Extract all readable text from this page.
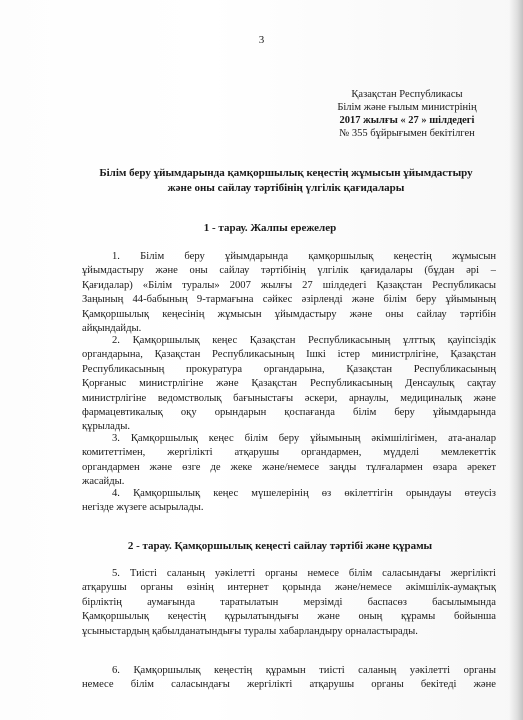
3
Қазақстан Республикасы
Білім және ғылым министрінің
2017 жылғы « 27 » шілдедегі
№ 355 бұйрығымен бекітілген
Білім беру ұйымдарында қамқоршылық кеңестің жұмысын ұйымдастыру
және оны сайлау тәртібінің үлгілік қағидалары
1 - тарау. Жалпы ережелер
1. Білім беру ұйымдарында қамқоршылық кеңестің жұмысын
ұйымдастыру және оны сайлау тәртібінің үлгілік қағидалары (бұдан әрі –
Қағидалар) «Білім туралы» 2007 жылғы 27 шілдедегі Қазақстан Республикасы
Заңының 44-бабының 9-тармағына сәйкес әзірленді және білім беру ұйымының
Қамқоршылық кеңесінің жұмысын ұйымдастыру және оны сайлау тәртібін
айқындайды.
2. Қамқоршылық кеңес Қазақстан Республикасының ұлттық қауіпсіздік
органдарына, Қазақстан Республикасының Ішкі істер министрлігіне, Қазақстан
Республикасының прокуратура органдарына, Қазақстан Республикасының
Қорғаныс министрлігіне және Қазақстан Республикасының Денсаулық сақтау
министрлігіне ведомстволық бағыныстағы әскери, арнаулы, медициналық және
фармацевтикалық оқу орындарын қоспағанда білім беру ұйымдарында
құрылады.
3. Қамқоршылық кеңес білім беру ұйымының әкімшілігімен, ата-аналар
комитеттімен, жергілікті атқарушы органдармен, мүдделі мемлекеттік
органдармен және өзге де жеке және/немесе заңды тұлғалармен өзара әрекет
жасайды.
4. Қамқоршылық кеңес мүшелерінің өз өкілеттігін орындауы өтеусіз
негізде жүзеге асырылады.
2 - тарау. Қамқоршылық кеңесті сайлау тәртібі және құрамы
5. Тиісті саланың уәкілетті органы немесе білім саласындағы жергілікті
атқарушы органы өзінің интернет қорында және/немесе әкімшілік-аумақтық
бірліктің аумағында таратылатын мерзімді баспасөз басылымында
Қамқоршылық кеңестің құрылатындығы және оның құрамы бойынша
ұсыныстардың қабылданатындығы туралы хабарландыру орналастырады.
6. Қамқоршылық кеңестің құрамын тиісті саланың уәкілетті органы
немесе білім саласындағы жергілікті атқарушы органы бекітеді және
